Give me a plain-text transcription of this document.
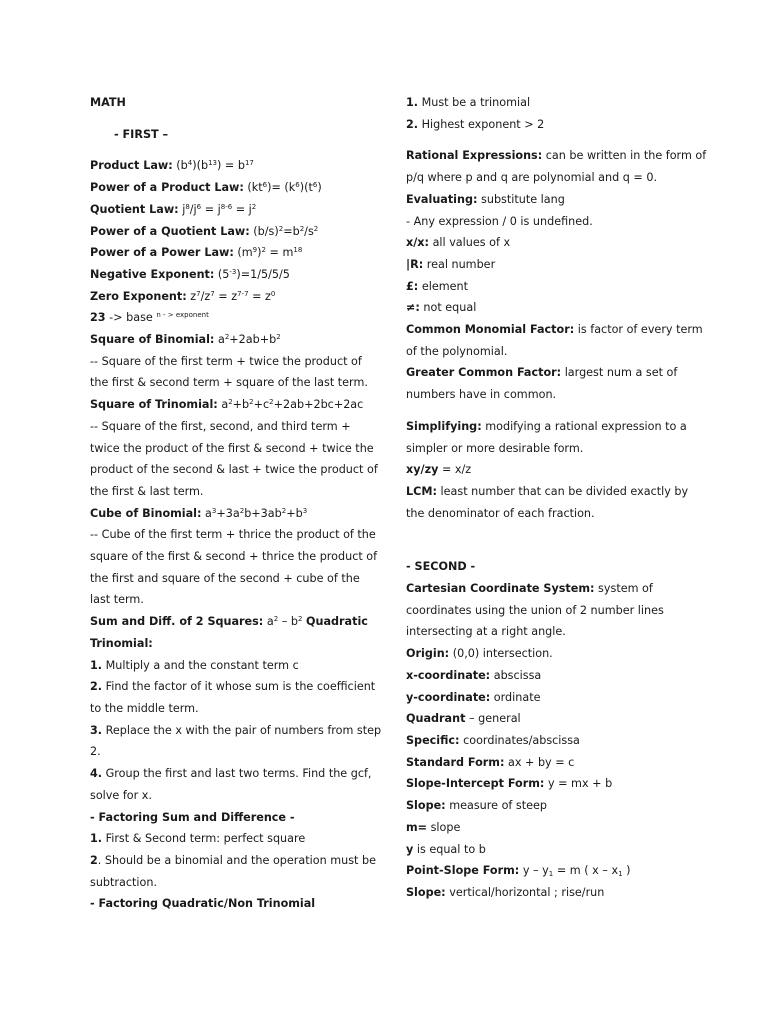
MATH
- FIRST –
Product Law: $(b^4)(b^{13}) = b^{17}$
Power of a Product Law: $(kt^6)= (k^6)(t^6)$
Quotient Law: $j^8/j^6 = j^{8-6} = j^2$
Power of a Quotient Law: $(b/s)^2=b^2/s^2$
Power of a Power Law: $(m^9)^2 = m^{18}$
Negative Exponent: $(5^{-3})=1/5/5/5$
Zero Exponent: $z^7/z^7 = z^{7-7} = z^0$
23 -> base $^{n - > exponent}$
Square of Binomial: $a^2+2ab+b^2$
-- Square of the first term + twice the product of
the first & second term + square of the last term.
Square of Trinomial: $a^2+b^2+c^2+2ab+2bc+2ac$
-- Square of the first, second, and third term +
twice the product of the first & second + twice the
product of the second & last + twice the product of
the first & last term.
Cube of Binomial: $a^3+3a^2b+3ab^2+b^3$
-- Cube of the first term + thrice the product of the
square of the first & second + thrice the product of
the first and square of the second + cube of the
last term.
Sum and Diff. of 2 Squares: $a^2 - b^2$ Quadratic
Trinomial:
1. Multiply a and the constant term c
2. Find the factor of it whose sum is the coefficient
to the middle term.
3. Replace the x with the pair of numbers from step
2.
4. Group the first and last two terms. Find the gcf,
solve for x.
- Factoring Sum and Difference -
1. First & Second term: perfect square
2. Should be a binomial and the operation must be
subtraction.
- Factoring Quadratic/Non Trinomial
1. Must be a trinomial
2. Highest exponent > 2
Rational Expressions: can be written in the form of
p/q where p and q are polynomial and q = 0.
Evaluating: substitute lang
- Any expression / 0 is undefined.
x/x: all values of x
|R: real number
£: element
≠: not equal
Common Monomial Factor: is factor of every term
of the polynomial.
Greater Common Factor: largest num a set of
numbers have in common.
Simplifying: modifying a rational expression to a
simpler or more desirable form.
xy/zy = x/z
LCM: least number that can be divided exactly by
the denominator of each fraction.
- SECOND -
Cartesian Coordinate System: system of
coordinates using the union of 2 number lines
intersecting at a right angle.
Origin: (0,0) intersection.
x-coordinate: abscissa
y-coordinate: ordinate
Quadrant – general
Specific: coordinates/abscissa
Standard Form: ax + by = c
Slope-Intercept Form: y = mx + b
Slope: measure of steep
m= slope
y is equal to b
Point-Slope Form: $y - y_1 = m$ ( x – $x_1$ )
Slope: vertical/horizontal ; rise/run
